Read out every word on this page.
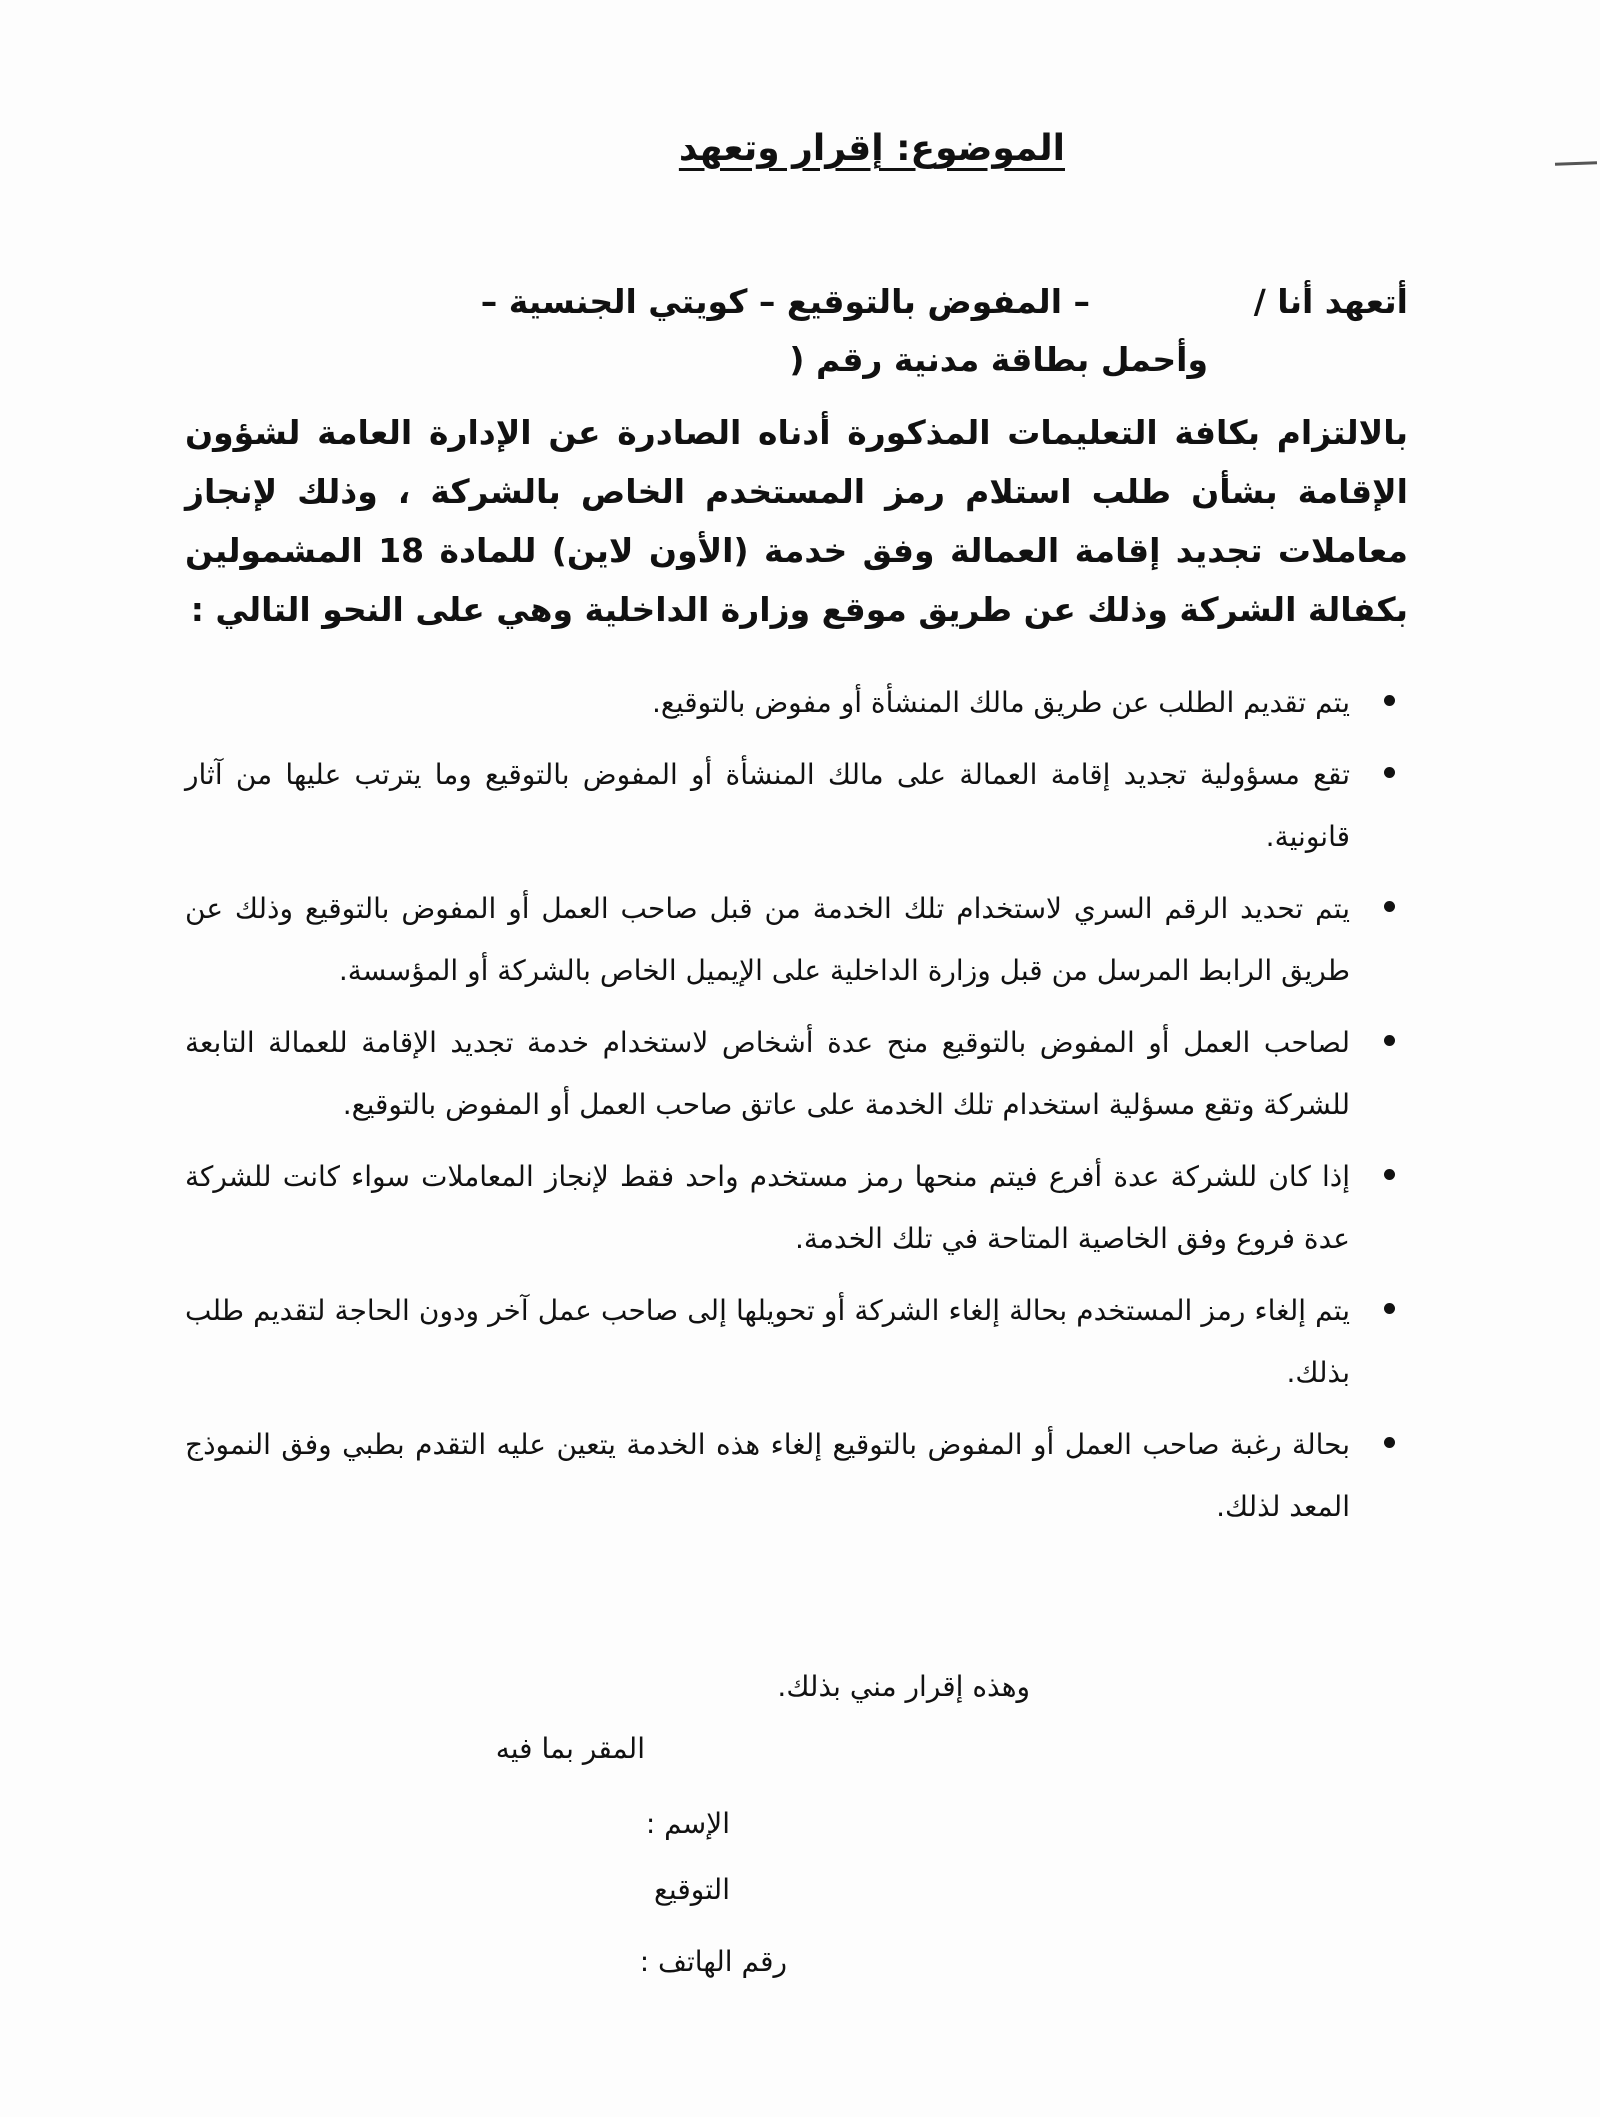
الموضوع: إقرار وتعهد
أتعهد أنا /
– المفوض بالتوقيع – كويتي الجنسية –
وأحمل بطاقة مدنية رقم (

بالالتزام بكافة التعليمات المذكورة أدناه الصادرة عن الإدارة العامة لشؤون الإقامة بشأن طلب استلام رمز المستخدم الخاص بالشركة ، وذلك لإنجاز معاملات تجديد إقامة العمالة وفق خدمة (الأون لاين) للمادة 18 المشمولين بكفالة الشركة وذلك عن طريق موقع وزارة الداخلية وهي على النحو التالي :

يتم تقديم الطلب عن طريق مالك المنشأة أو مفوض بالتوقيع.
تقع مسؤولية تجديد إقامة العمالة على مالك المنشأة أو المفوض بالتوقيع وما يترتب عليها من آثار قانونية.
يتم تحديد الرقم السري لاستخدام تلك الخدمة من قبل صاحب العمل أو المفوض بالتوقيع وذلك عن طريق الرابط المرسل من قبل وزارة الداخلية على الإيميل الخاص بالشركة أو المؤسسة.
لصاحب العمل أو المفوض بالتوقيع منح عدة أشخاص لاستخدام خدمة تجديد الإقامة للعمالة التابعة للشركة وتقع مسؤلية استخدام تلك الخدمة على عاتق صاحب العمل أو المفوض بالتوقيع.
إذا كان للشركة عدة أفرع فيتم منحها رمز مستخدم واحد فقط لإنجاز المعاملات سواء كانت للشركة عدة فروع وفق الخاصية المتاحة في تلك الخدمة.
يتم إلغاء رمز المستخدم بحالة إلغاء الشركة أو تحويلها إلى صاحب عمل آخر ودون الحاجة لتقديم طلب بذلك.
بحالة رغبة صاحب العمل أو المفوض بالتوقيع إلغاء هذه الخدمة يتعين عليه التقدم بطبي وفق النموذج المعد لذلك.
وهذه إقرار مني بذلك.
المقر بما فيه
الإسم :
التوقيع
رقم الهاتف :
